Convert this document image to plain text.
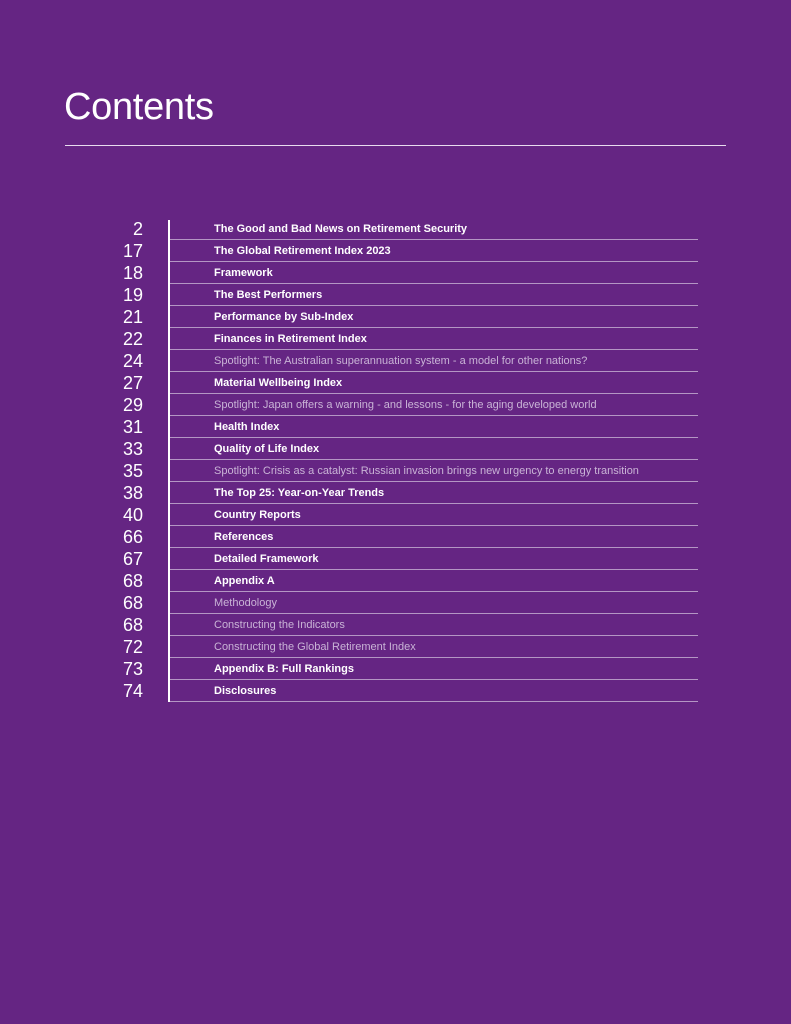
Contents
2	The Good and Bad News on Retirement Security
17	The Global Retirement Index 2023
18	Framework
19	The Best Performers
21	Performance by Sub-Index
22	Finances in Retirement Index
24	Spotlight: The Australian superannuation system - a model for other nations?
27	Material Wellbeing Index
29	Spotlight: Japan offers a warning - and lessons - for the aging developed world
31	Health Index
33	Quality of Life Index
35	Spotlight: Crisis as a catalyst: Russian invasion brings new urgency to energy transition
38	The Top 25: Year-on-Year Trends
40	Country Reports
66	References
67	Detailed Framework
68	Appendix A
68	Methodology
68	Constructing the Indicators
72	Constructing the Global Retirement Index
73	Appendix B: Full Rankings
74	Disclosures
